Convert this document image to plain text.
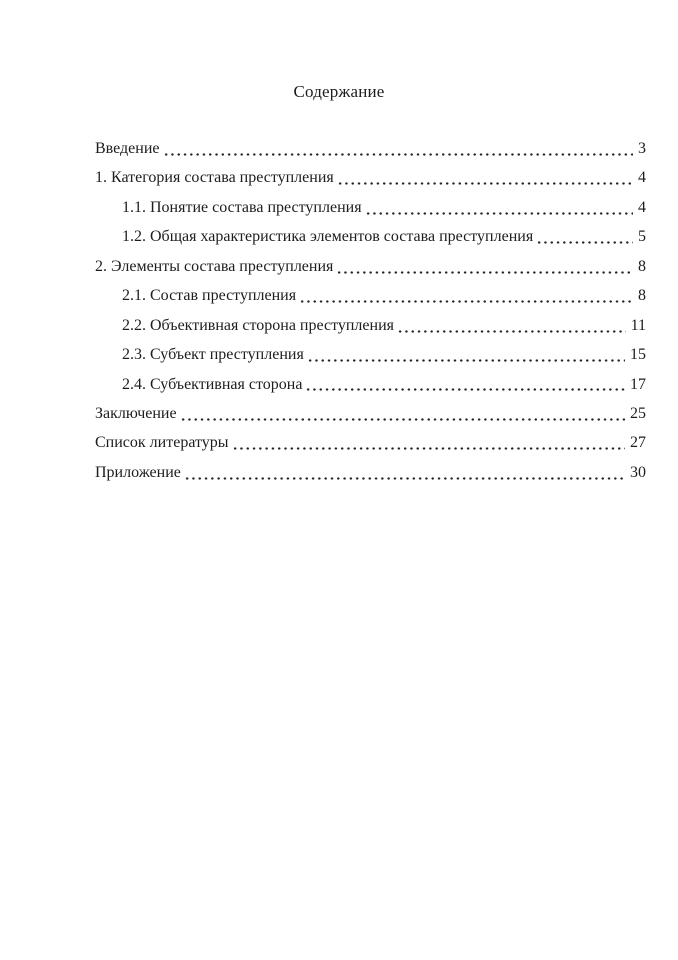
Содержание
Введение	3
1. Категория состава преступления	4
1.1. Понятие состава преступления	4
1.2. Общая характеристика элементов состава преступления	5
2. Элементы состава преступления	8
2.1. Состав преступления	8
2.2. Объективная сторона преступления	11
2.3. Субъект преступления	15
2.4. Субъективная сторона	17
Заключение	25
Список литературы	27
Приложение	30
